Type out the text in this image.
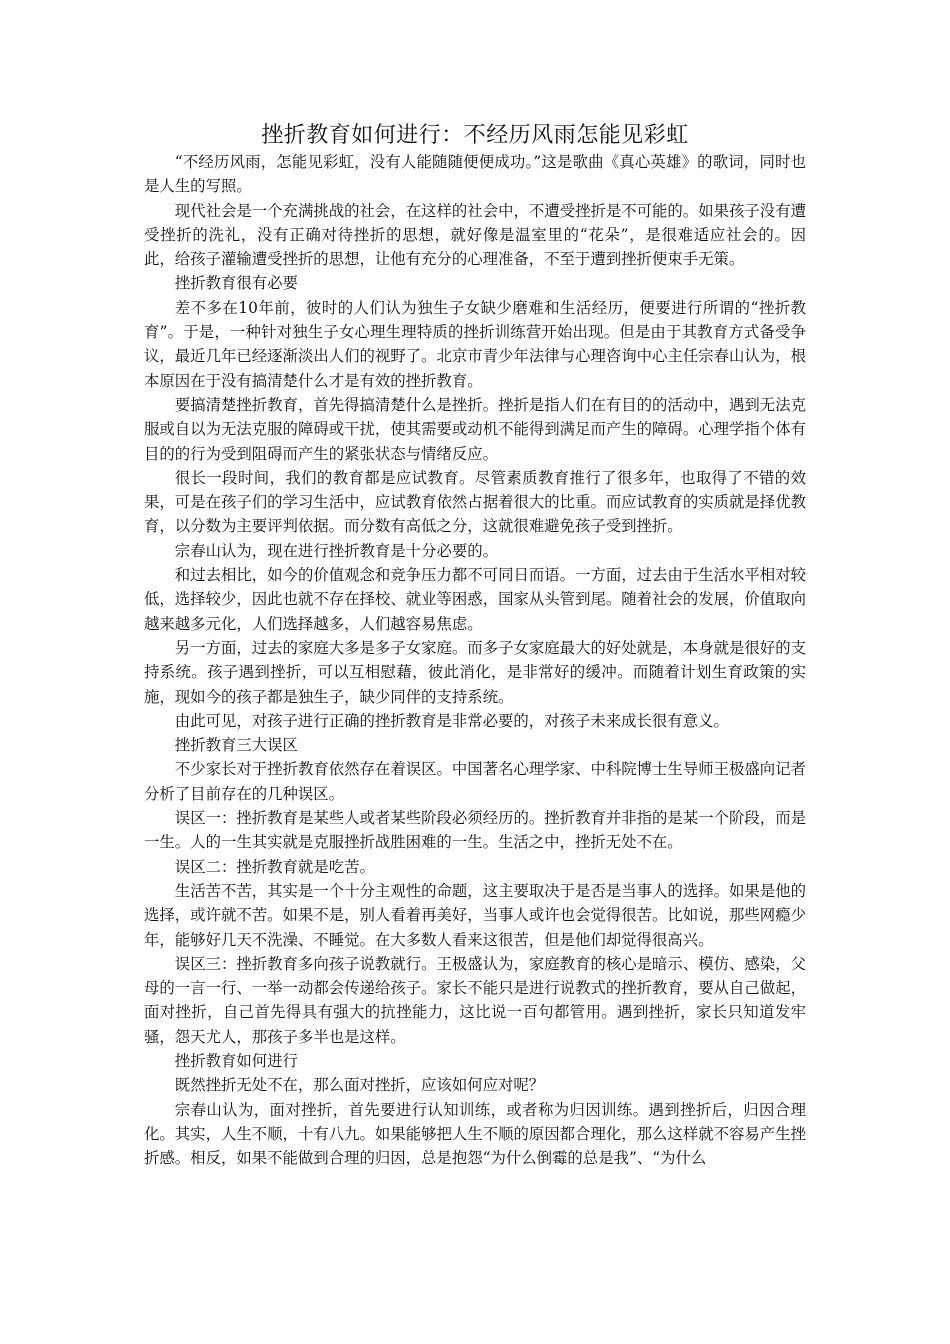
挫折教育如何进行：不经历风雨怎能见彩虹

“不经历风雨，怎能见彩虹，没有人能随随便便成功。”这是歌曲《真心英雄》的歌词，同时也是人生的写照。

现代社会是一个充满挑战的社会，在这样的社会中，不遭受挫折是不可能的。如果孩子没有遭受挫折的洗礼，没有正确对待挫折的思想，就好像是温室里的“花朵”，是很难适应社会的。因此，给孩子灌输遭受挫折的思想，让他有充分的心理准备，不至于遭到挫折便束手无策。

挫折教育很有必要

差不多在10年前，彼时的人们认为独生子女缺少磨难和生活经历，便要进行所谓的“挫折教育”。于是，一种针对独生子女心理生理特质的挫折训练营开始出现。但是由于其教育方式备受争议，最近几年已经逐渐淡出人们的视野了。北京市青少年法律与心理咨询中心主任宗春山认为，根本原因在于没有搞清楚什么才是有效的挫折教育。

要搞清楚挫折教育，首先得搞清楚什么是挫折。挫折是指人们在有目的的活动中，遇到无法克服或自以为无法克服的障碍或干扰，使其需要或动机不能得到满足而产生的障碍。心理学指个体有目的的行为受到阻碍而产生的紧张状态与情绪反应。

很长一段时间，我们的教育都是应试教育。尽管素质教育推行了很多年，也取得了不错的效果，可是在孩子们的学习生活中，应试教育依然占据着很大的比重。而应试教育的实质就是择优教育，以分数为主要评判依据。而分数有高低之分，这就很难避免孩子受到挫折。

宗春山认为，现在进行挫折教育是十分必要的。

和过去相比，如今的价值观念和竞争压力都不可同日而语。一方面，过去由于生活水平相对较低，选择较少，因此也就不存在择校、就业等困惑，国家从头管到尾。随着社会的发展，价值取向越来越多元化，人们选择越多，人们越容易焦虑。

另一方面，过去的家庭大多是多子女家庭。而多子女家庭最大的好处就是，本身就是很好的支持系统。孩子遇到挫折，可以互相慰藉，彼此消化，是非常好的缓冲。而随着计划生育政策的实施，现如今的孩子都是独生子，缺少同伴的支持系统。

由此可见，对孩子进行正确的挫折教育是非常必要的，对孩子未来成长很有意义。

挫折教育三大误区

不少家长对于挫折教育依然存在着误区。中国著名心理学家、中科院博士生导师王极盛向记者分析了目前存在的几种误区。

误区一：挫折教育是某些人或者某些阶段必须经历的。挫折教育并非指的是某一个阶段，而是一生。人的一生其实就是克服挫折战胜困难的一生。生活之中，挫折无处不在。

误区二：挫折教育就是吃苦。

生活苦不苦，其实是一个十分主观性的命题，这主要取决于是否是当事人的选择。如果是他的选择，或许就不苦。如果不是，别人看着再美好，当事人或许也会觉得很苦。比如说，那些网瘾少年，能够好几天不洗澡、不睡觉。在大多数人看来这很苦，但是他们却觉得很高兴。

误区三：挫折教育多向孩子说教就行。王极盛认为，家庭教育的核心是暗示、模仿、感染，父母的一言一行、一举一动都会传递给孩子。家长不能只是进行说教式的挫折教育，要从自己做起，面对挫折，自己首先得具有强大的抗挫能力，这比说一百句都管用。遇到挫折，家长只知道发牢骚，怨天尤人，那孩子多半也是这样。

挫折教育如何进行

既然挫折无处不在，那么面对挫折，应该如何应对呢？

宗春山认为，面对挫折，首先要进行认知训练，或者称为归因训练。遇到挫折后，归因合理化。其实，人生不顺，十有八九。如果能够把人生不顺的原因都合理化，那么这样就不容易产生挫折感。相反，如果不能做到合理的归因，总是抱怨“为什么倒霉的总是我”、“为什么
